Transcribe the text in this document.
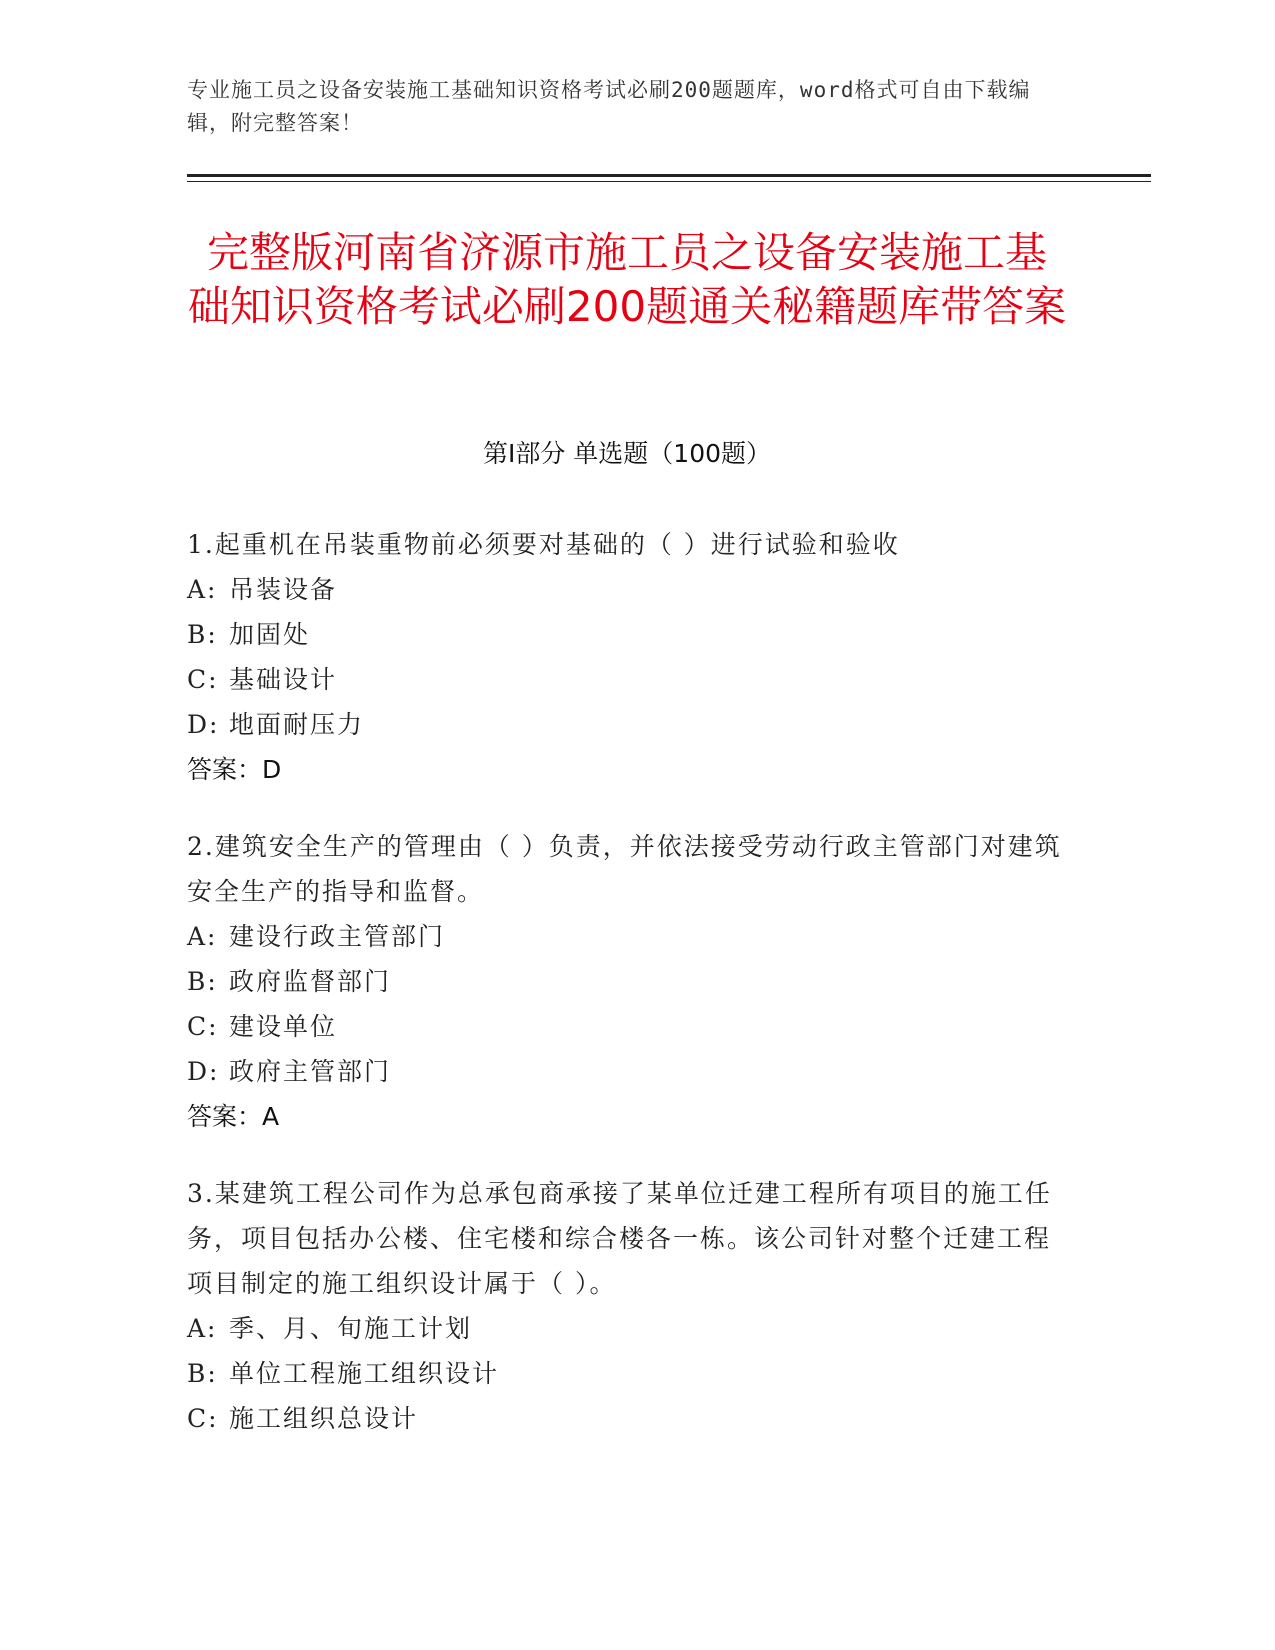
专业施工员之设备安装施工基础知识资格考试必刷200题题库，word格式可自由下载编辑，附完整答案！
完整版河南省济源市施工员之设备安装施工基础知识资格考试必刷200题通关秘籍题库带答案
第I部分 单选题（100题）

1.起重机在吊装重物前必须要对基础的（ ）进行试验和验收

A: 吊装设备

B: 加固处

C: 基础设计

D: 地面耐压力

答案：D

2.建筑安全生产的管理由（ ）负责，并依法接受劳动行政主管部门对建筑安全生产的指导和监督。

A: 建设行政主管部门

B: 政府监督部门

C: 建设单位

D: 政府主管部门

答案：A

3.某建筑工程公司作为总承包商承接了某单位迁建工程所有项目的施工任务，项目包括办公楼、住宅楼和综合楼各一栋。该公司针对整个迁建工程项目制定的施工组织设计属于（ ）。

A: 季、月、旬施工计划

B: 单位工程施工组织设计

C: 施工组织总设计
